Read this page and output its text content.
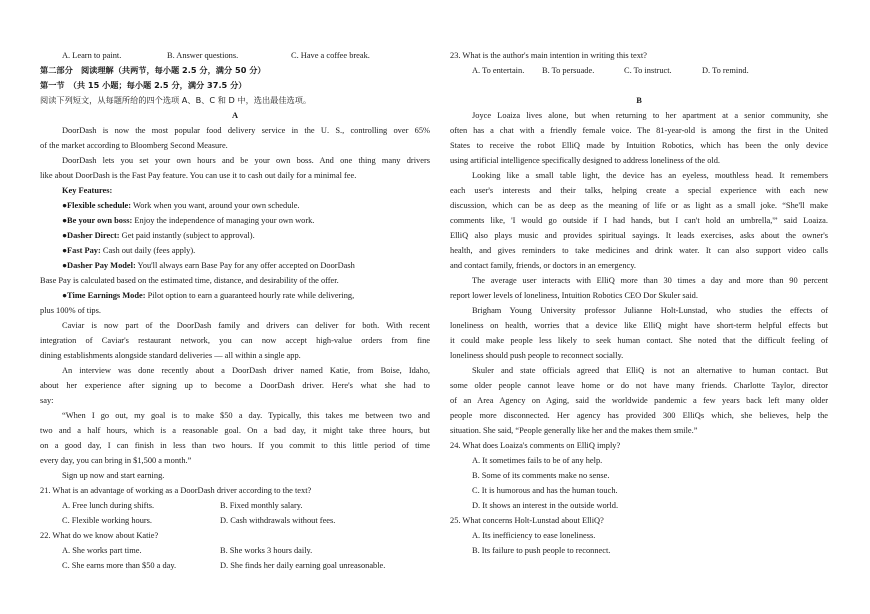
A. Learn to paint.	B. Answer questions.	C. Have a coffee break.
第二部分　阅读理解（共两节，每小题 2.5 分，满分 50 分）
第一节　（共 15 小题；每小题 2.5 分，满分 37.5 分）
阅读下列短文，从每题所给的四个选项 A、B、C 和 D 中，选出最佳选项。
A
DoorDash is now the most popular food delivery service in the U. S., controlling over 65%
of the market according to Bloomberg Second Measure.
DoorDash lets you set your own hours and be your own boss. And one thing many drivers
like about DoorDash is the Fast Pay feature. You can use it to cash out daily for a minimal fee.
Key Features:
●Flexible schedule: Work when you want, around your own schedule.
●Be your own boss: Enjoy the independence of managing your own work.
●Dasher Direct: Get paid instantly (subject to approval).
●Fast Pay: Cash out daily (fees apply).
●Dasher Pay Model: You'll always earn Base Pay for any offer accepted on DoorDash
Base Pay is calculated based on the estimated time, distance, and desirability of the offer.
●Time Earnings Mode: Pilot option to earn a guaranteed hourly rate while delivering,
plus 100% of tips.
Caviar is now part of the DoorDash family and drivers can deliver for both. With recent
integration of Caviar's restaurant network, you can now accept high-value orders from fine
dining establishments alongside standard deliveries — all within a single app.
An interview was done recently about a DoorDash driver named Katie, from Boise, Idaho,
about her experience after signing up to become a DoorDash driver. Here's what she had to
say:
“When I go out, my goal is to make $50 a day. Typically, this takes me between two and
two and a half hours, which is a reasonable goal. On a bad day, it might take three hours, but
on a good day, I can finish in less than two hours. If you commit to this little period of time
every day, you can bring in $1,500 a month.”
Sign up now and start earning.
21. What is an advantage of working as a DoorDash driver according to the text?
A. Free lunch during shifts.	B. Fixed monthly salary.
C. Flexible working hours.	D. Cash withdrawals without fees.
22. What do we know about Katie?
A. She works part time.	B. She works 3 hours daily.
C. She earns more than $50 a day.	D. She finds her daily earning goal unreasonable.
23. What is the author's main intention in writing this text?
A. To entertain.	B. To persuade.	C. To instruct.	D. To remind.
B
Joyce Loaiza lives alone, but when returning to her apartment at a senior community, she
often has a chat with a friendly female voice. The 81-year-old is among the first in the United
States to receive the robot ElliQ made by Intuition Robotics, which has been the only device
using artificial intelligence specifically designed to address loneliness of the old.
Looking like a small table light, the device has an eyeless, mouthless head. It remembers
each user's interests and their talks, helping create a special experience with each new
discussion, which can be as deep as the meaning of life or as light as a small joke. “She'll make
comments like, 'I would go outside if I had hands, but I can't hold an umbrella,'” said Loaiza.
ElliQ also plays music and provides spiritual sayings. It leads exercises, asks about the owner's
health, and gives reminders to take medicines and drink water. It can also support video calls
and contact family, friends, or doctors in an emergency.
The average user interacts with ElliQ more than 30 times a day and more than 90 percent
report lower levels of loneliness, Intuition Robotics CEO Dor Skuler said.
Brigham Young University professor Julianne Holt-Lunstad, who studies the effects of
loneliness on health, worries that a device like ElliQ might have short-term helpful effects but
it could make people less likely to seek human contact. She noted that the difficult feeling of
loneliness should push people to reconnect socially.
Skuler and state officials agreed that ElliQ is not an alternative to human contact. But
some older people cannot leave home or do not have many friends. Charlotte Taylor, director
of an Area Agency on Aging, said the worldwide pandemic a few years back left many older
people more disconnected. Her agency has provided 300 ElliQs which, she believes, help the
situation. She said, “People generally like her and the makes them smile.”
24. What does Loaiza's comments on ElliQ imply?
A. It sometimes fails to be of any help.
B. Some of its comments make no sense.
C. It is humorous and has the human touch.
D. It shows an interest in the outside world.
25. What concerns Holt-Lunstad about ElliQ?
A. Its inefficiency to ease loneliness.
B. Its failure to push people to reconnect.
